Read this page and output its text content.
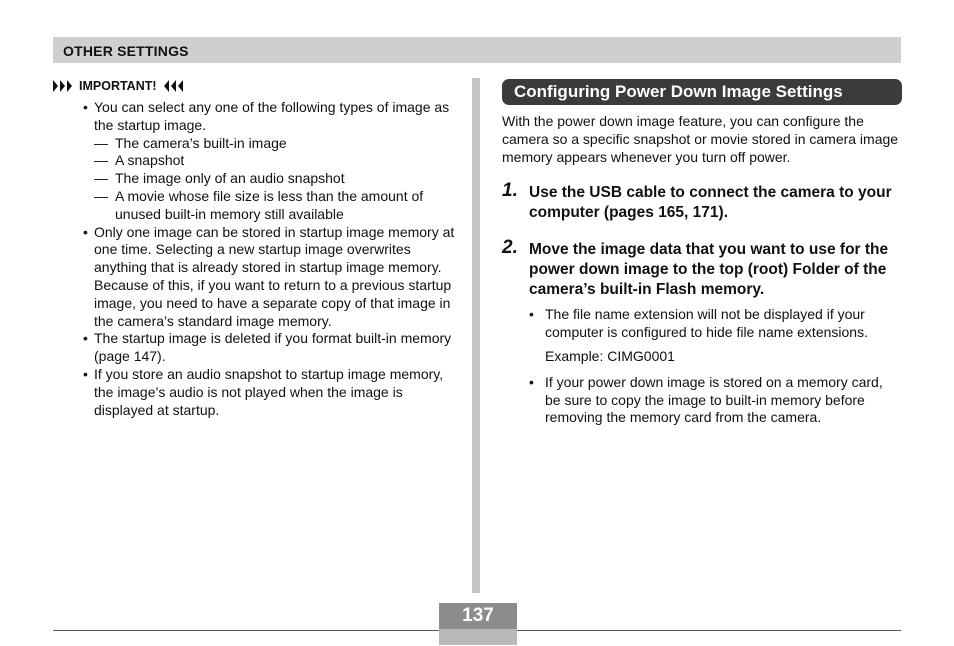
OTHER SETTINGS
IMPORTANT!
• You can select any one of the following types of image as the startup image.
— The camera’s built-in image
— A snapshot
— The image only of an audio snapshot
— A movie whose file size is less than the amount of unused built-in memory still available
• Only one image can be stored in startup image memory at one time. Selecting a new startup image overwrites anything that is already stored in startup image memory. Because of this, if you want to return to a previous startup image, you need to have a separate copy of that image in the camera’s standard image memory.
• The startup image is deleted if you format built-in memory (page 147).
• If you store an audio snapshot to startup image memory, the image’s audio is not played when the image is displayed at startup.
Configuring Power Down Image Settings
With the power down image feature, you can configure the camera so a specific snapshot or movie stored in camera image memory appears whenever you turn off power.
1. Use the USB cable to connect the camera to your computer (pages 165, 171).
2. Move the image data that you want to use for the power down image to the top (root) Folder of the camera’s built-in Flash memory.
• The file name extension will not be displayed if your computer is configured to hide file name extensions.
Example: CIMG0001
• If your power down image is stored on a memory card, be sure to copy the image to built-in memory before removing the memory card from the camera.
137
